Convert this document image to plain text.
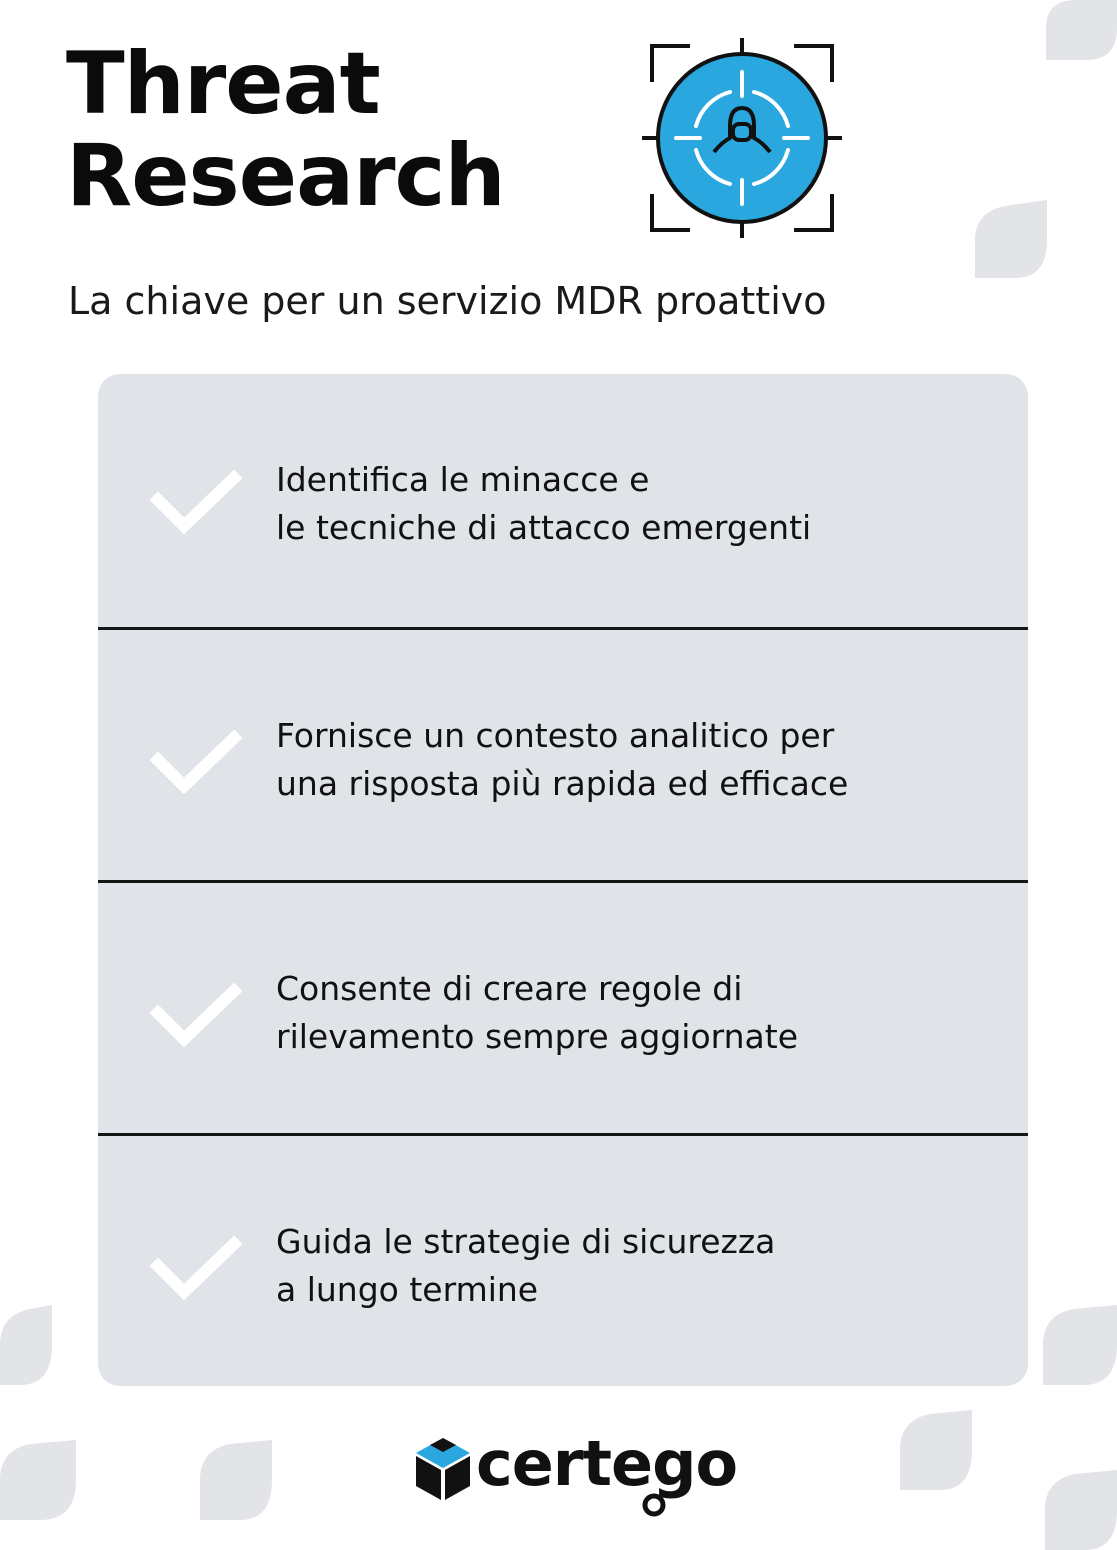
Threat
Research

La chiave per un servizio MDR proattivo

Identifica le minacce e
le tecniche di attacco emergenti
Fornisce un contesto analitico per
una risposta più rapida ed efficace
Consente di creare regole di
rilevamento sempre aggiornate
Guida le strategie di sicurezza
a lungo termine
certego
